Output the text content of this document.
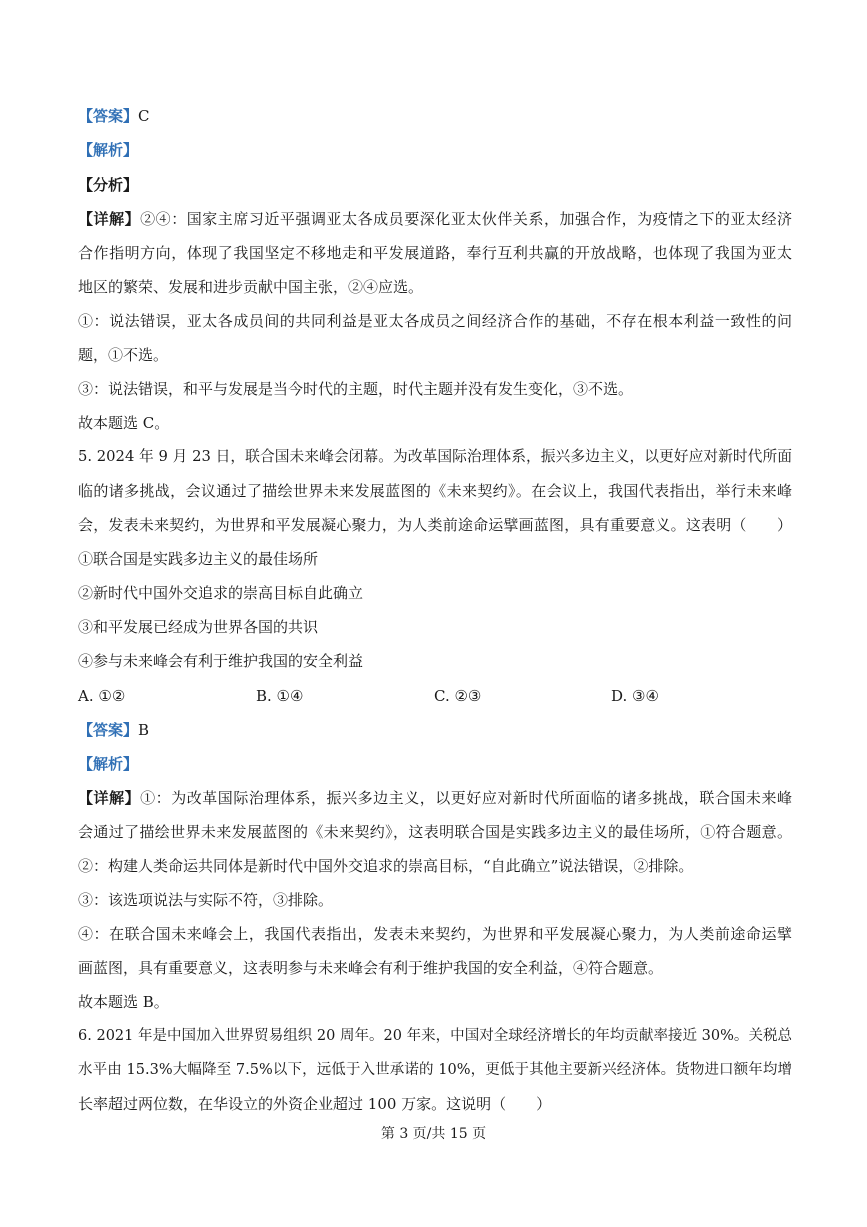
【答案】C
【解析】
【分析】
【详解】②④：国家主席习近平强调亚太各成员要深化亚太伙伴关系，加强合作，为疫情之下的亚太经济
合作指明方向，体现了我国坚定不移地走和平发展道路，奉行互利共赢的开放战略，也体现了我国为亚太
地区的繁荣、发展和进步贡献中国主张，②④应选。
①：说法错误，亚太各成员间的共同利益是亚太各成员之间经济合作的基础，不存在根本利益一致性的问
题，①不选。
③：说法错误，和平与发展是当今时代的主题，时代主题并没有发生变化，③不选。
故本题选 C。
5. 2024 年 9 月 23 日，联合国未来峰会闭幕。为改革国际治理体系，振兴多边主义，以更好应对新时代所面
临的诸多挑战，会议通过了描绘世界未来发展蓝图的《未来契约》。在会议上，我国代表指出，举行未来峰
会，发表未来契约，为世界和平发展凝心聚力，为人类前途命运擘画蓝图，具有重要意义。这表明（　　）
①联合国是实践多边主义的最佳场所
②新时代中国外交追求的崇高目标自此确立
③和平发展已经成为世界各国的共识
④参与未来峰会有利于维护我国的安全利益
A. ①②	B. ①④	C. ②③	D. ③④
【答案】B
【解析】
【详解】①：为改革国际治理体系，振兴多边主义，以更好应对新时代所面临的诸多挑战，联合国未来峰
会通过了描绘世界未来发展蓝图的《未来契约》，这表明联合国是实践多边主义的最佳场所，①符合题意。
②：构建人类命运共同体是新时代中国外交追求的崇高目标，“自此确立”说法错误，②排除。
③：该选项说法与实际不符，③排除。
④：在联合国未来峰会上，我国代表指出，发表未来契约，为世界和平发展凝心聚力，为人类前途命运擘
画蓝图，具有重要意义，这表明参与未来峰会有利于维护我国的安全利益，④符合题意。
故本题选 B。
6. 2021 年是中国加入世界贸易组织 20 周年。20 年来，中国对全球经济增长的年均贡献率接近 30%。关税总
水平由 15.3%大幅降至 7.5%以下，远低于入世承诺的 10%，更低于其他主要新兴经济体。货物进口额年均增
长率超过两位数，在华设立的外资企业超过 100 万家。这说明（　　）
第 3 页/共 15 页
